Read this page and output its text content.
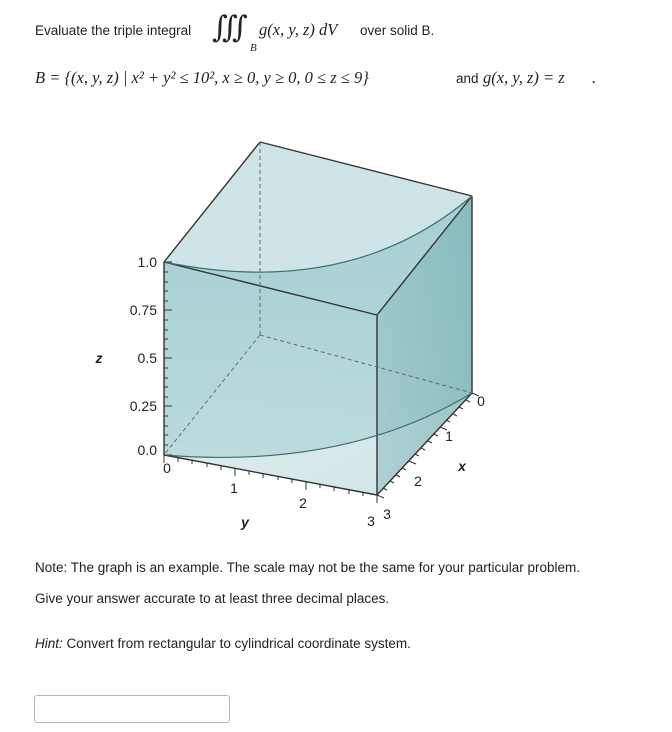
Evaluate the triple integral ∭
B
g(x, y, z) dV over solid B.
B = {(x, y, z) | x² + y² ≤ 10², x ≥ 0, y ≥ 0, 0 ≤ z ≤ 9}	and g(x, y, z) = z .
1.0
0.75
0.5
0.25
0.0
0
1
2
3
0
1
2
3
z
y
x
Note: The graph is an example. The scale may not be the same for your particular problem.
Give your answer accurate to at least three decimal places.
Hint: Convert from rectangular to cylindrical coordinate system.
